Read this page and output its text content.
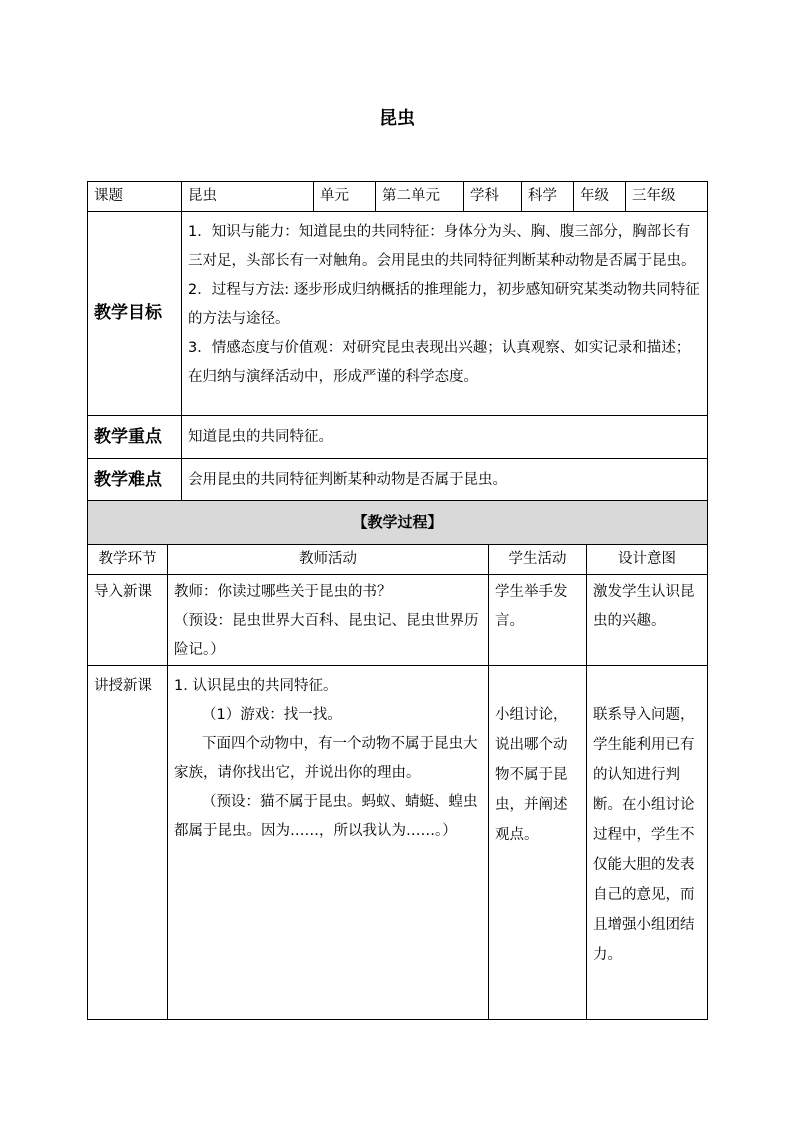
昆虫
课题	昆虫	单元	第二单元	学科	科学	年级	三年级
教学目标	1．知识与能力：知道昆虫的共同特征：身体分为头、胸、腹三部分，胸部长有三对足，头部长有一对触角。会用昆虫的共同特征判断某种动物是否属于昆虫。
2．过程与方法: 逐步形成归纳概括的推理能力，初步感知研究某类动物共同特征的方法与途径。
3．情感态度与价值观：对研究昆虫表现出兴趣；认真观察、如实记录和描述；在归纳与演绎活动中，形成严谨的科学态度。						

教学重点	知道昆虫的共同特征。						
教学难点	会用昆虫的共同特征判断某种动物是否属于昆虫。						
【教学过程】			
教学环节	教师活动	学生活动	设计意图
导入新课	教师：你读过哪些关于昆虫的书？
（预设：昆虫世界大百科、昆虫记、昆虫世界历险记。）	学生举手发言。	激发学生认识昆虫的兴趣。
讲授新课	1. 认识昆虫的共同特征。
（1）游戏：找一找。
下面四个动物中，有一个动物不属于昆虫大家族，请你找出它，并说出你的理由。
（预设：猫不属于昆虫。蚂蚁、蜻蜓、蝗虫都属于昆虫。因为……，所以我认为……。）	小组讨论，说出哪个动物不属于昆虫，并阐述观点。	联系导入问题，学生能利用已有的认知进行判断。在小组讨论过程中，学生不仅能大胆的发表自己的意见，而且增强小组团结力。
